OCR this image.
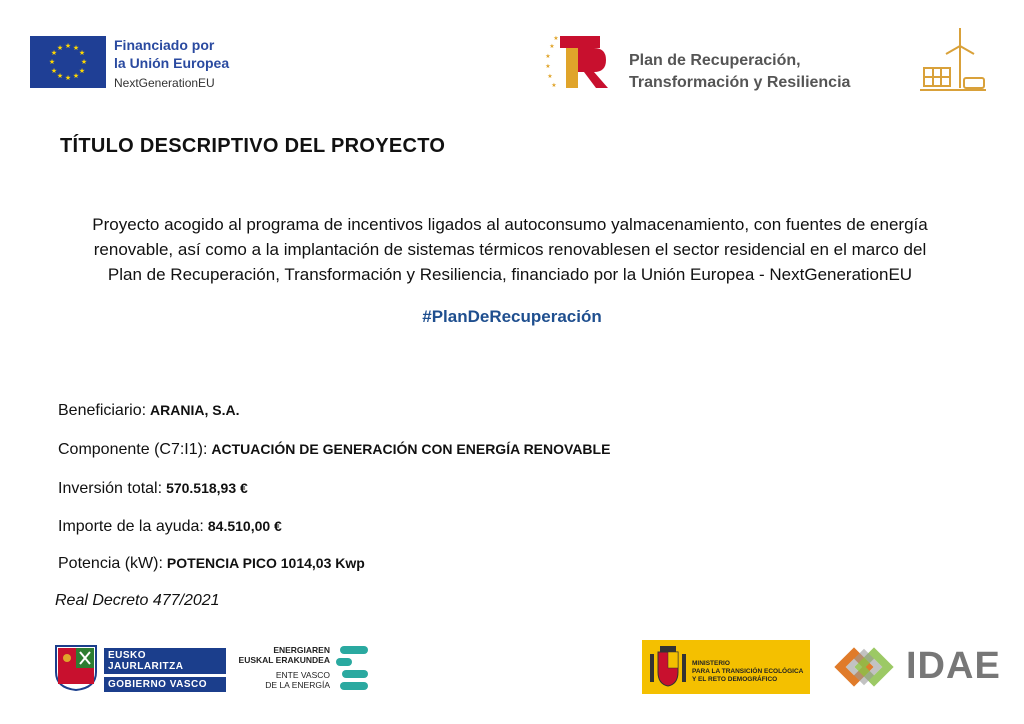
★ ★
★
★
★
★
★
★
★
★
★
★	Financiado por
la Unión Europea
NextGenerationEU
★
★
★
★
★
★
Plan de Recuperación,
Transformación y Resiliencia
TÍTULO DESCRIPTIVO DEL PROYECTO
Proyecto acogido al programa de incentivos ligados al autoconsumo yalmacenamiento, con fuentes de energía
renovable, así como a la implantación de sistemas térmicos renovablesen el sector residencial en el marco del
Plan de Recuperación, Transformación y Resiliencia, financiado por la Unión Europea - NextGenerationEU
#PlanDeRecuperación
Beneficiario: ARANIA, S.A.
Componente (C7:I1): ACTUACIÓN DE GENERACIÓN CON ENERGÍA RENOVABLE
Inversión total: 570.518,93 €
Importe de la ayuda: 84.510,00 €
Potencia (kW): POTENCIA PICO 1014,03 Kwp
Real Decreto 477/2021
EUSKO JAURLARITZA
GOBIERNO VASCO
ENERGIAREN
EUSKAL ERAKUNDEA
ENTE VASCO
DE LA ENERGÍA
MINISTERIO
PARA LA TRANSICIÓN ECOLÓGICA
Y EL RETO DEMOGRÁFICO	IDAE
